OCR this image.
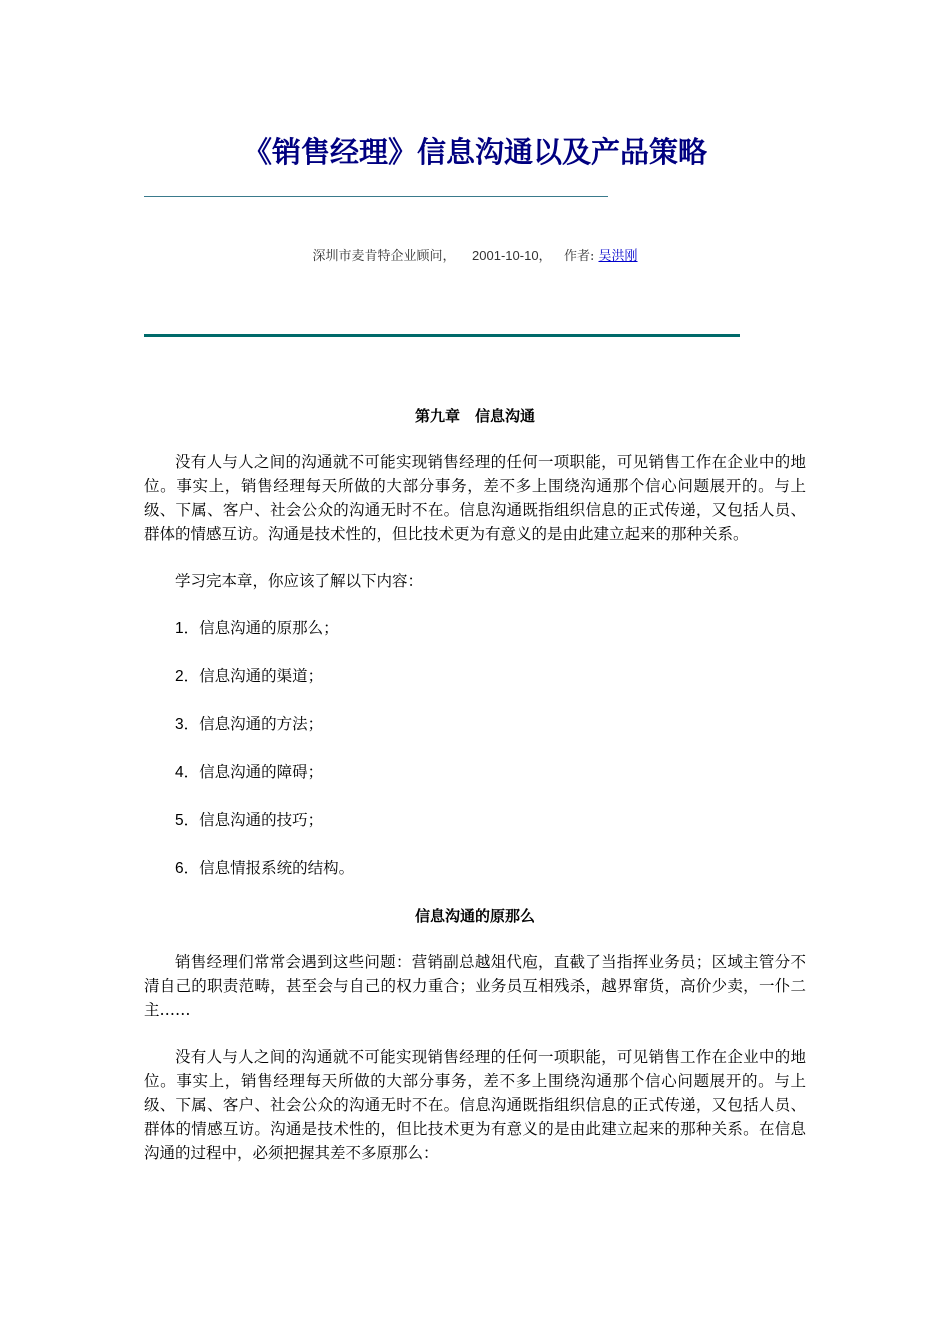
《销售经理》信息沟通以及产品策略
深圳市麦肯特企业顾问， 2001-10-10， 作者: 吴洪刚
第九章　信息沟通

没有人与人之间的沟通就不可能实现销售经理的任何一项职能，可见销售工作在企业中的地位。事实上，销售经理每天所做的大部分事务，差不多上围绕沟通那个信心问题展开的。与上级、下属、客户、社会公众的沟通无时不在。信息沟通既指组织信息的正式传递，又包括人员、群体的情感互访。沟通是技术性的，但比技术更为有意义的是由此建立起来的那种关系。

学习完本章，你应该了解以下内容：

1．信息沟通的原那么；

2．信息沟通的渠道；

3．信息沟通的方法；

4．信息沟通的障碍；

5．信息沟通的技巧；

6．信息情报系统的结构。

信息沟通的原那么

销售经理们常常会遇到这些问题：营销副总越俎代庖，直截了当指挥业务员；区域主管分不清自己的职责范畴，甚至会与自己的权力重合；业务员互相残杀，越界窜货，高价少卖，一仆二主……

没有人与人之间的沟通就不可能实现销售经理的任何一项职能，可见销售工作在企业中的地位。事实上，销售经理每天所做的大部分事务，差不多上围绕沟通那个信心问题展开的。与上级、下属、客户、社会公众的沟通无时不在。信息沟通既指组织信息的正式传递，又包括人员、群体的情感互访。沟通是技术性的，但比技术更为有意义的是由此建立起来的那种关系。在信息沟通的过程中，必须把握其差不多原那么：
